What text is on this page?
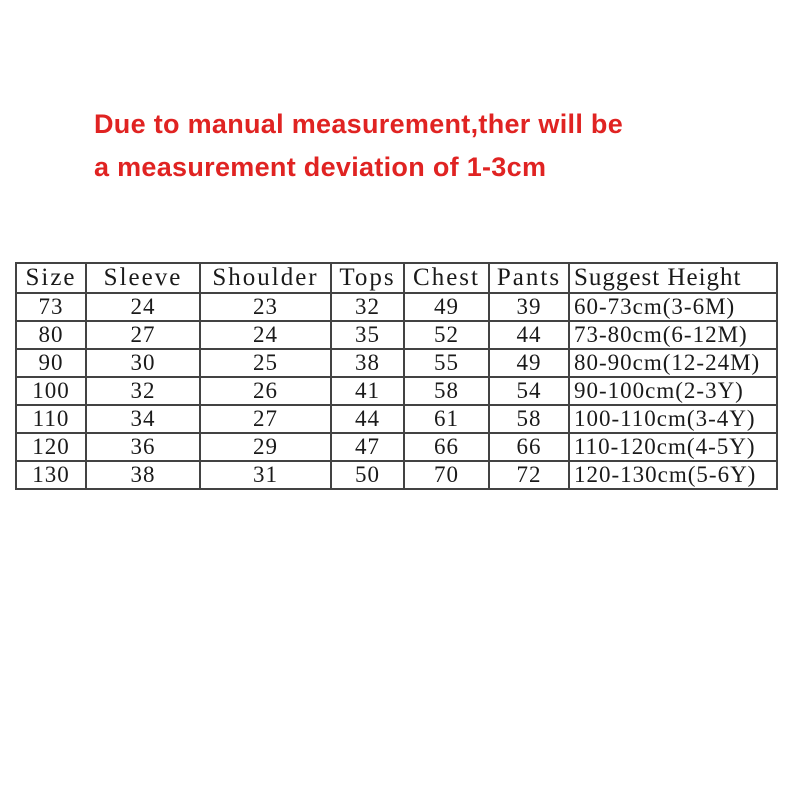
Due to manual measurement,ther will be
a measurement deviation of 1-3cm
Size	Sleeve	Shoulder	Tops	Chest	Pants	Suggest Height
73	24	23	32	49	39	60-73cm(3-6M)
80	27	24	35	52	44	73-80cm(6-12M)
90	30	25	38	55	49	80-90cm(12-24M)
100	32	26	41	58	54	90-100cm(2-3Y)
110	34	27	44	61	58	100-110cm(3-4Y)
120	36	29	47	66	66	110-120cm(4-5Y)
130	38	31	50	70	72	120-130cm(5-6Y)
